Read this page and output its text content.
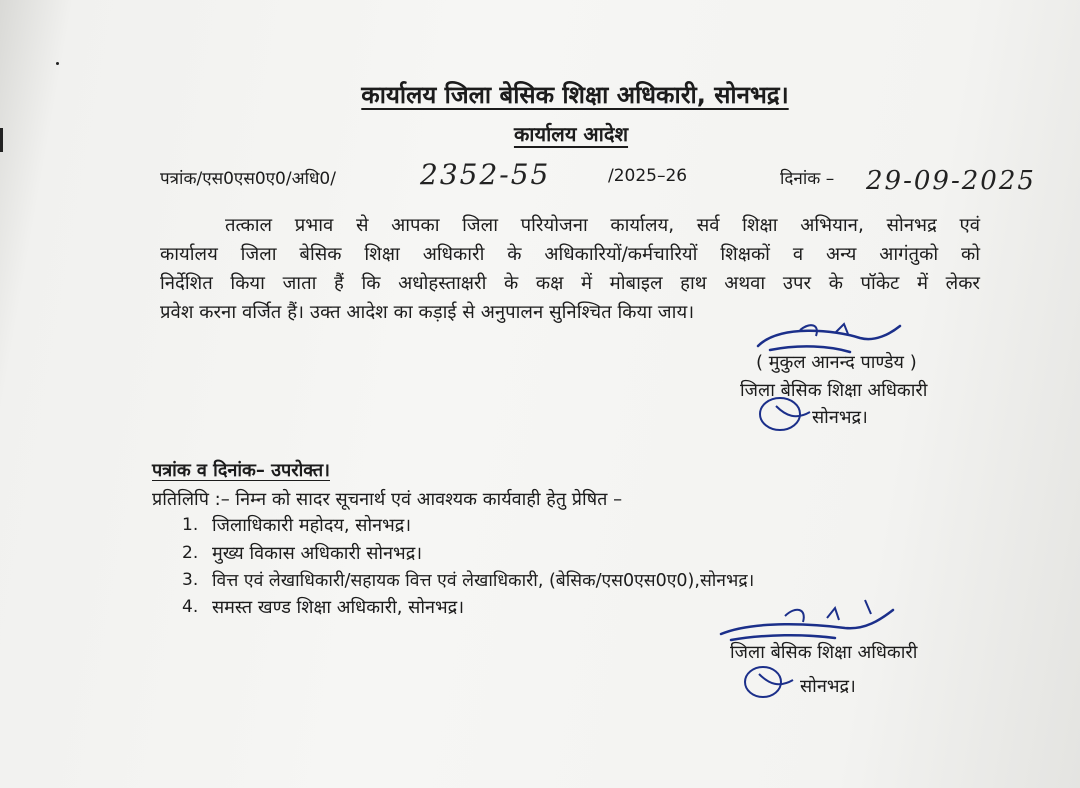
कार्यालय जिला बेसिक शिक्षा अधिकारी, सोनभद्र।
कार्यालय आदेश
पत्रांक/एस0एस0ए0/अधि0/	2352-55	/2025–26	दिनांक – 29-09-2025
तत्काल प्रभाव से आपका जिला परियोजना कार्यालय, सर्व शिक्षा अभियान, सोनभद्र एवं
कार्यालय जिला बेसिक शिक्षा अधिकारी के अधिकारियों/कर्मचारियों शिक्षकों व अन्य आगंतुको को
निर्देशित किया जाता हैं कि अधोहस्ताक्षरी के कक्ष में मोबाइल हाथ अथवा उपर के पॉकेट में लेकर
प्रवेश करना वर्जित हैं। उक्त आदेश का कड़ाई से अनुपालन सुनिश्चित किया जाय।
( मुकुल आनन्द पाण्डेय )
जिला बेसिक शिक्षा अधिकारी
सोनभद्र।
पत्रांक व दिनांक– उपरोक्त।
प्रतिलिपि :– निम्न को सादर सूचनार्थ एवं आवश्यक कार्यवाही हेतु प्रेषित –
1. जिलाधिकारी महोदय, सोनभद्र।
2. मुख्य विकास अधिकारी सोनभद्र।
3. वित्त एवं लेखाधिकारी/सहायक वित्त एवं लेखाधिकारी, (बेसिक/एस0एस0ए0),सोनभद्र।
4. समस्त खण्ड शिक्षा अधिकारी, सोनभद्र।
जिला बेसिक शिक्षा अधिकारी
सोनभद्र।
